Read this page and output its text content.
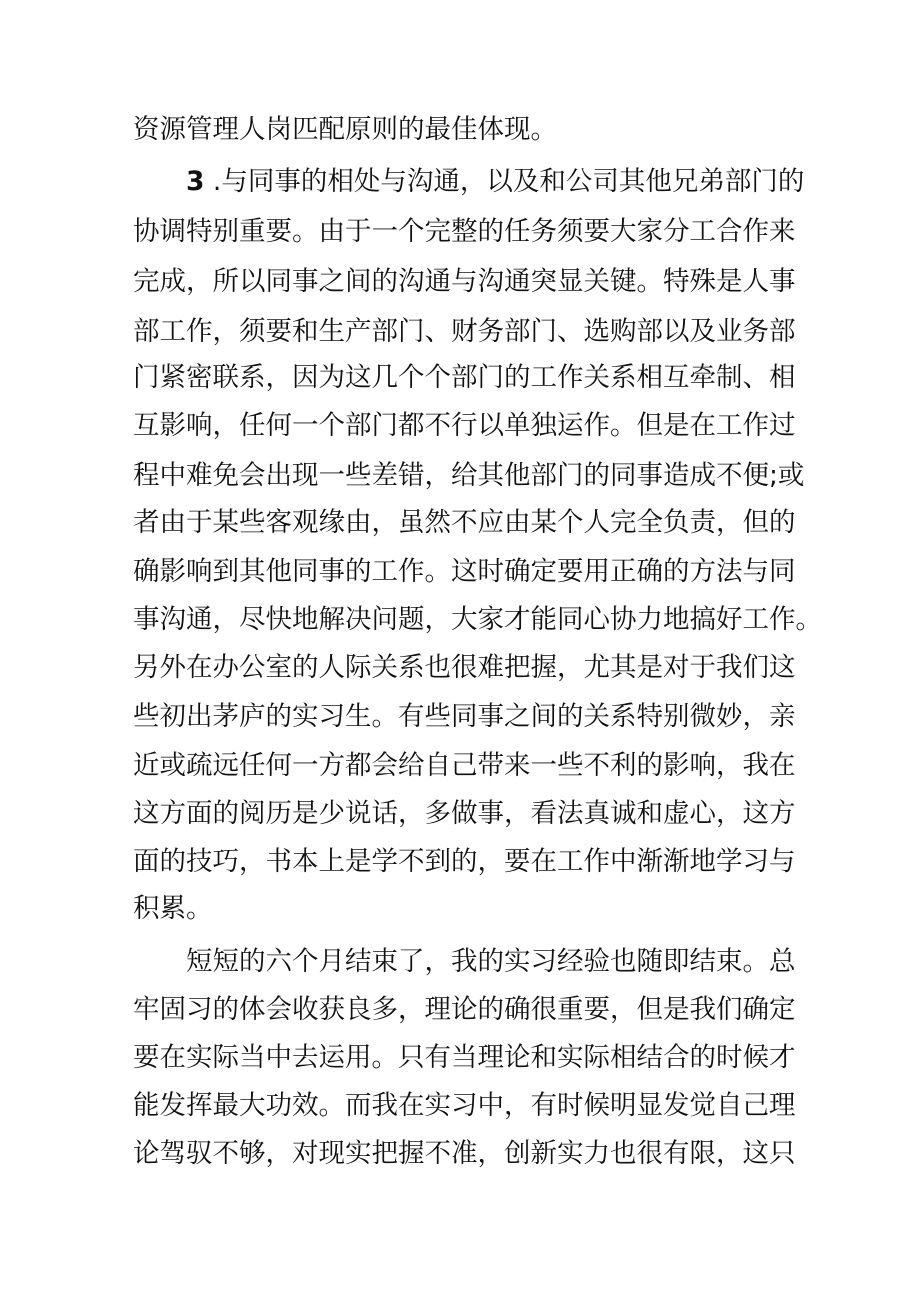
资源管理人岗匹配原则的最佳体现。

3 .与同事的相处与沟通，以及和公司其他兄弟部门的

协调特别重要。由于一个完整的任务须要大家分工合作来

完成，所以同事之间的沟通与沟通突显关键。特殊是人事

部工作，须要和生产部门、财务部门、选购部以及业务部

门紧密联系，因为这几个个部门的工作关系相互牵制、相

互影响，任何一个部门都不行以单独运作。但是在工作过

程中难免会出现一些差错，给其他部门的同事造成不便;或

者由于某些客观缘由，虽然不应由某个人完全负责，但的

确影响到其他同事的工作。这时确定要用正确的方法与同

事沟通，尽快地解决问题，大家才能同心协力地搞好工作。

另外在办公室的人际关系也很难把握，尤其是对于我们这

些初出茅庐的实习生。有些同事之间的关系特别微妙，亲

近或疏远任何一方都会给自己带来一些不利的影响，我在

这方面的阅历是少说话，多做事，看法真诚和虚心，这方

面的技巧，书本上是学不到的，要在工作中渐渐地学习与

积累。

短短的六个月结束了，我的实习经验也随即结束。总

牢固习的体会收获良多，理论的确很重要，但是我们确定

要在实际当中去运用。只有当理论和实际相结合的时候才

能发挥最大功效。而我在实习中，有时候明显发觉自己理

论驾驭不够，对现实把握不准，创新实力也很有限，这只
